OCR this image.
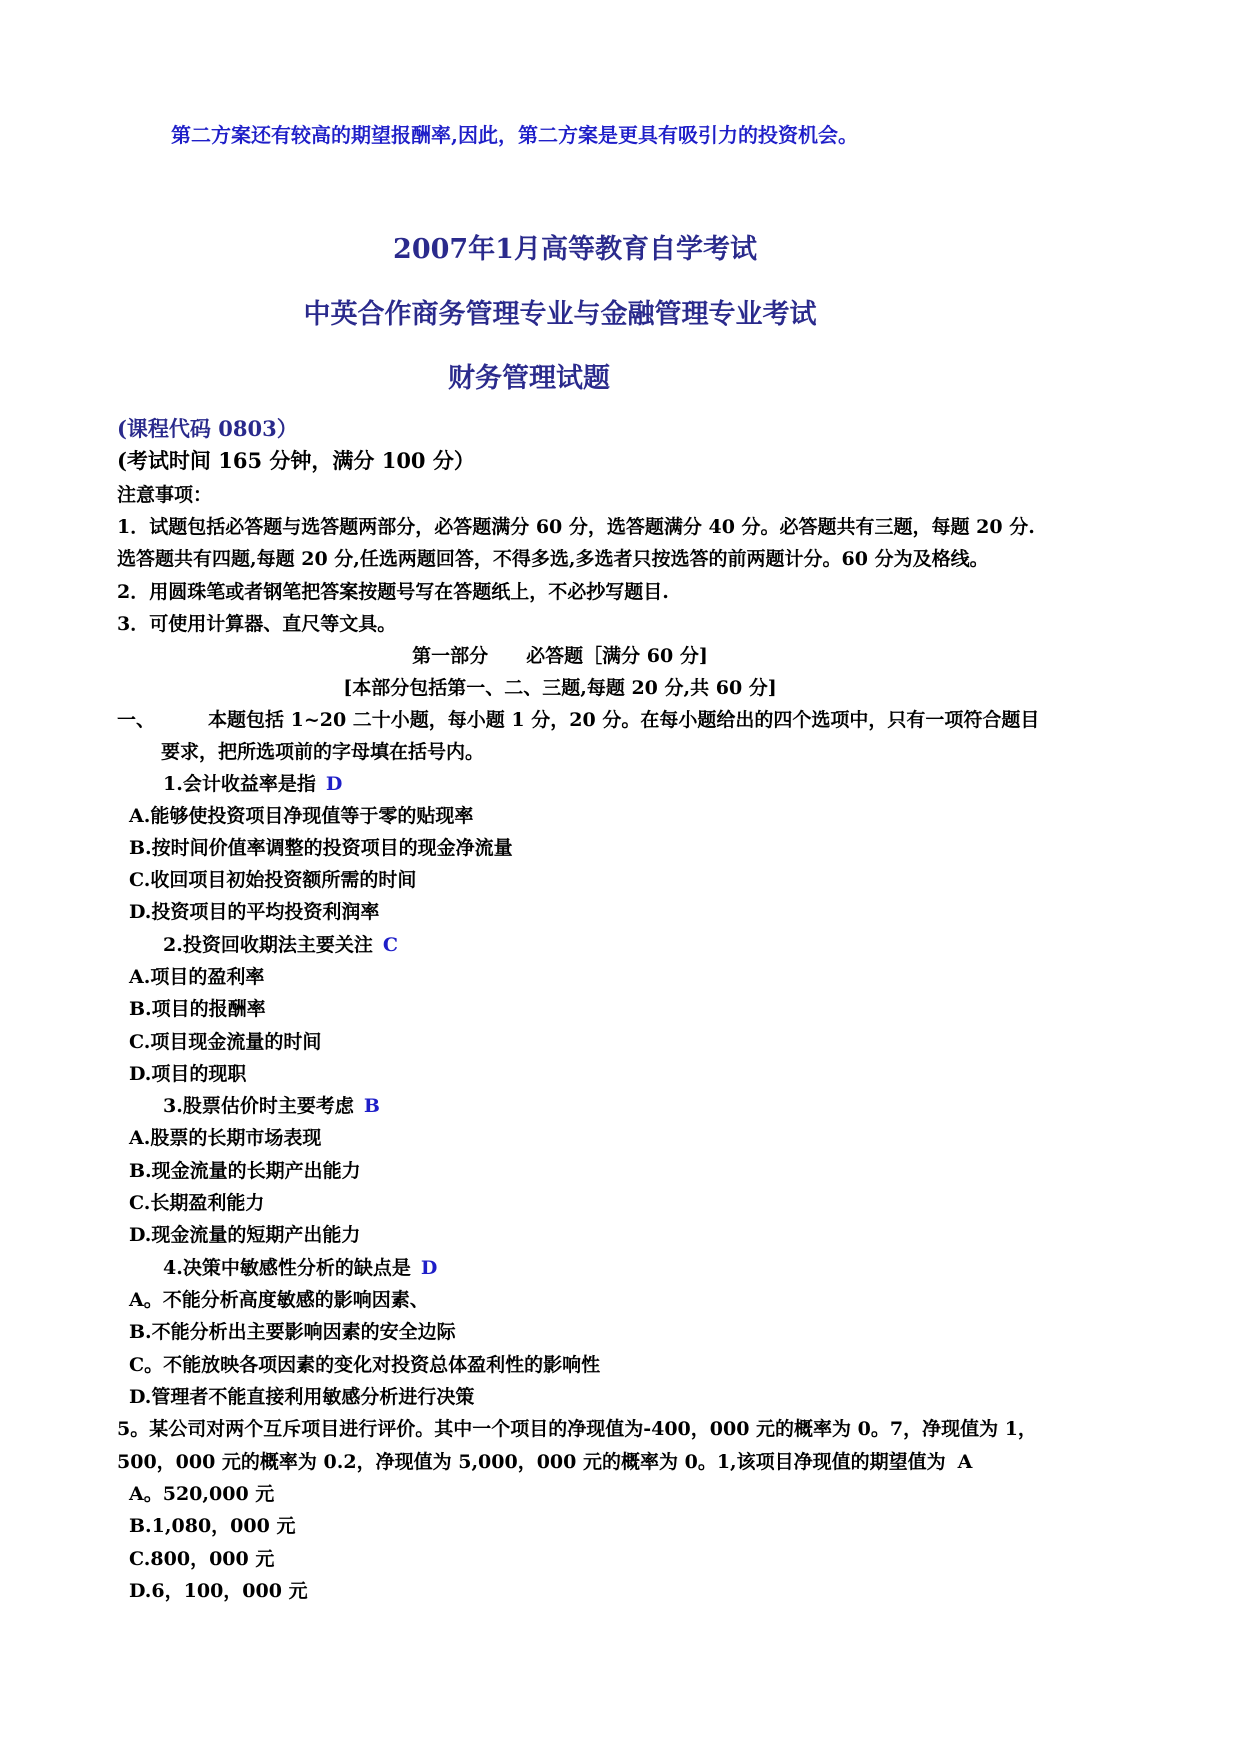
第二方案还有较高的期望报酬率,因此，第二方案是更具有吸引力的投资机会。
2007年1月高等教育自学考试
中英合作商务管理专业与金融管理专业考试
财务管理试题
(课程代码 0803）
(考试时间 165 分钟，满分 100 分）
注意事项：
1．试题包括必答题与选答题两部分，必答题满分 60 分，选答题满分 40 分。必答题共有三题，每题 20 分.
选答题共有四题,每题 20 分,任选两题回答，不得多选,多选者只按选答的前两题计分。60 分为及格线。
2．用圆珠笔或者钢笔把答案按题号写在答题纸上，不必抄写题目.
3．可使用计算器、直尺等文具。
第一部分　　必答题［满分 60 分]
[本部分包括第一、二、三题,每题 20 分,共 60 分]
一、	本题包括 1~20 二十小题，每小题 1 分，20 分。在每小题给出的四个选项中，只有一项符合题目
要求，把所选项前的字母填在括号内。
1.会计收益率是指 D
A.能够使投资项目净现值等于零的贴现率
B.按时间价值率调整的投资项目的现金净流量
C.收回项目初始投资额所需的时间
D.投资项目的平均投资利润率
2.投资回收期法主要关注 C
A.项目的盈利率
B.项目的报酬率
C.项目现金流量的时间
D.项目的现职
3.股票估价时主要考虑 B
A.股票的长期市场表现
B.现金流量的长期产出能力
C.长期盈利能力
D.现金流量的短期产出能力
4.决策中敏感性分析的缺点是 D
A。不能分析高度敏感的影响因素、
B.不能分析出主要影响因素的安全边际
C。不能放映各项因素的变化对投资总体盈利性的影响性
D.管理者不能直接利用敏感分析进行决策
5。某公司对两个互斥项目进行评价。其中一个项目的净现值为-400，000 元的概率为 0。7，净现值为 1，
500，000 元的概率为 0.2，净现值为 5,000，000 元的概率为 0。1,该项目净现值的期望值为 A
A。520,000 元
B.1,080，000 元
C.800，000 元
D.6，100，000 元
